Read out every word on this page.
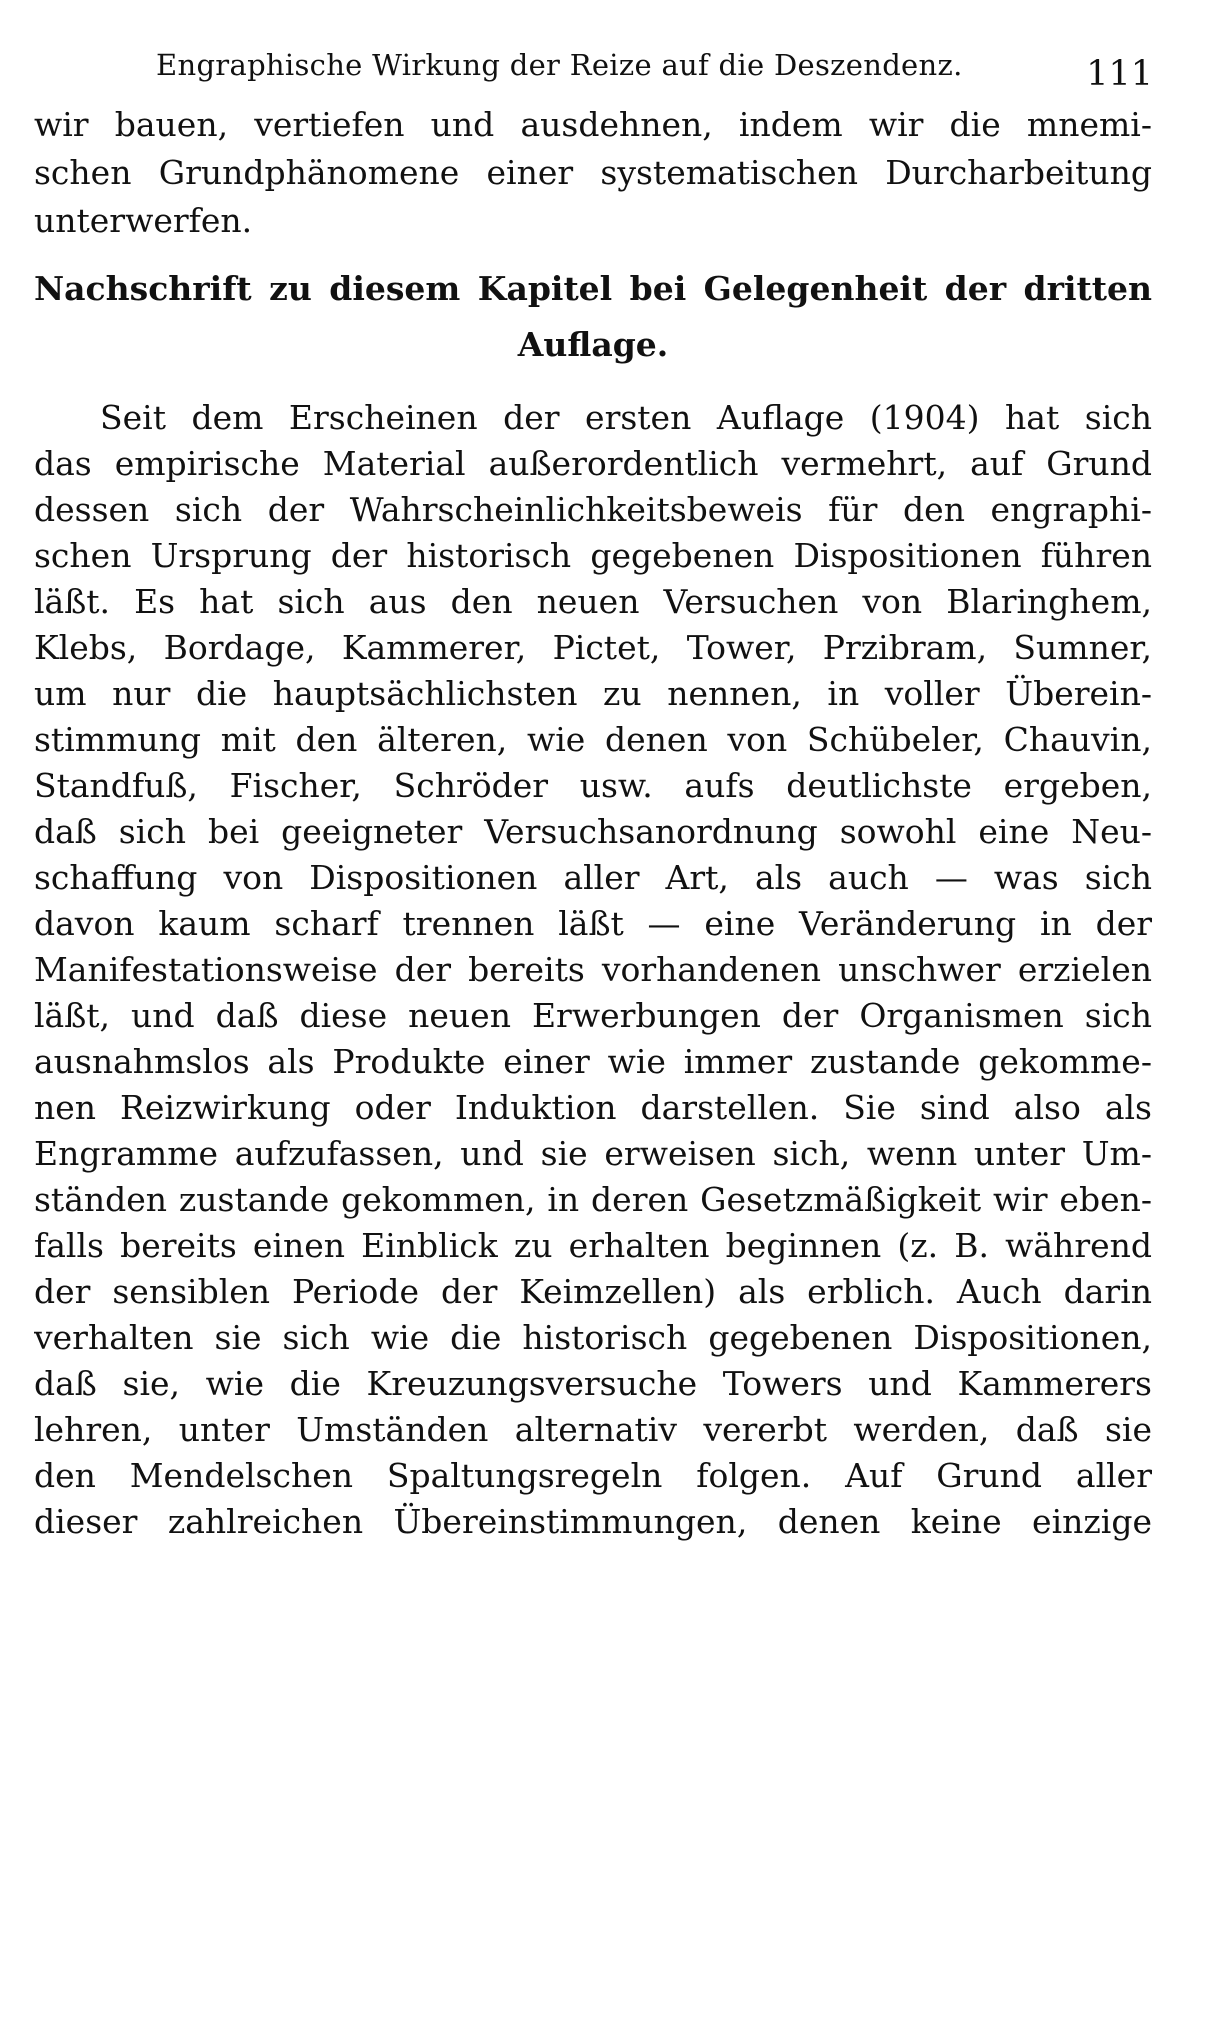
Engraphische Wirkung der Reize auf die Deszendenz.	111
wir bauen, vertiefen und ausdehnen, indem wir die mnemi-
schen Grundphänomene einer systematischen Durcharbeitung
unterwerfen.
Nachschrift zu diesem Kapitel bei Gelegenheit der dritten
Auflage.
Seit dem Erscheinen der ersten Auflage (1904) hat sich
das empirische Material außerordentlich vermehrt, auf Grund
dessen sich der Wahrscheinlichkeitsbeweis für den engraphi-
schen Ursprung der historisch gegebenen Dispositionen führen
läßt. Es hat sich aus den neuen Versuchen von Blaringhem,
Klebs, Bordage, Kammerer, Pictet, Tower, Przibram, Sumner,
um nur die hauptsächlichsten zu nennen, in voller Überein-
stimmung mit den älteren, wie denen von Schübeler, Chauvin,
Standfuß, Fischer, Schröder usw. aufs deutlichste ergeben,
daß sich bei geeigneter Versuchsanordnung sowohl eine Neu-
schaffung von Dispositionen aller Art, als auch — was sich
davon kaum scharf trennen läßt — eine Veränderung in der
Manifestationsweise der bereits vorhandenen unschwer erzielen
läßt, und daß diese neuen Erwerbungen der Organismen sich
ausnahmslos als Produkte einer wie immer zustande gekomme-
nen Reizwirkung oder Induktion darstellen. Sie sind also als
Engramme aufzufassen, und sie erweisen sich, wenn unter Um-
ständen zustande gekommen, in deren Gesetzmäßigkeit wir eben-
falls bereits einen Einblick zu erhalten beginnen (z. B. während
der sensiblen Periode der Keimzellen) als erblich. Auch darin
verhalten sie sich wie die historisch gegebenen Dispositionen,
daß sie, wie die Kreuzungsversuche Towers und Kammerers
lehren, unter Umständen alternativ vererbt werden, daß sie
den Mendelschen Spaltungsregeln folgen. Auf Grund aller
dieser zahlreichen Übereinstimmungen, denen keine einzige
